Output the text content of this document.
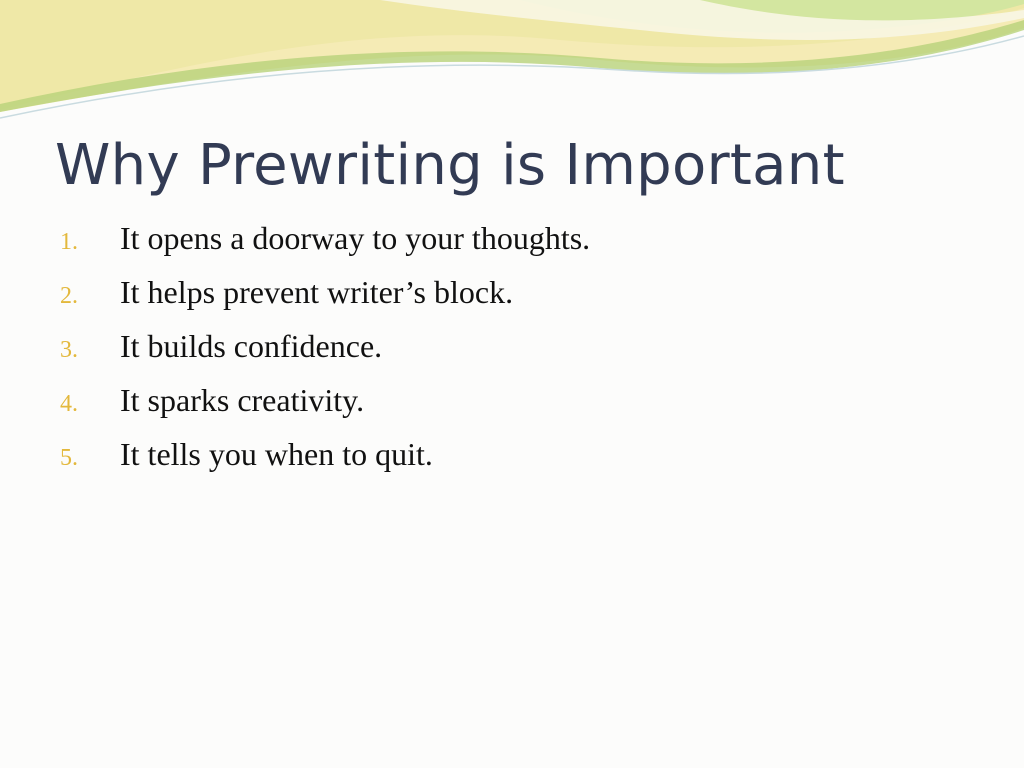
Why Prewriting is Important
1.	It opens a doorway to your thoughts.
2.	It helps prevent writer’s block.
3.	It builds confidence.
4.	It sparks creativity.
5.	It tells you when to quit.
